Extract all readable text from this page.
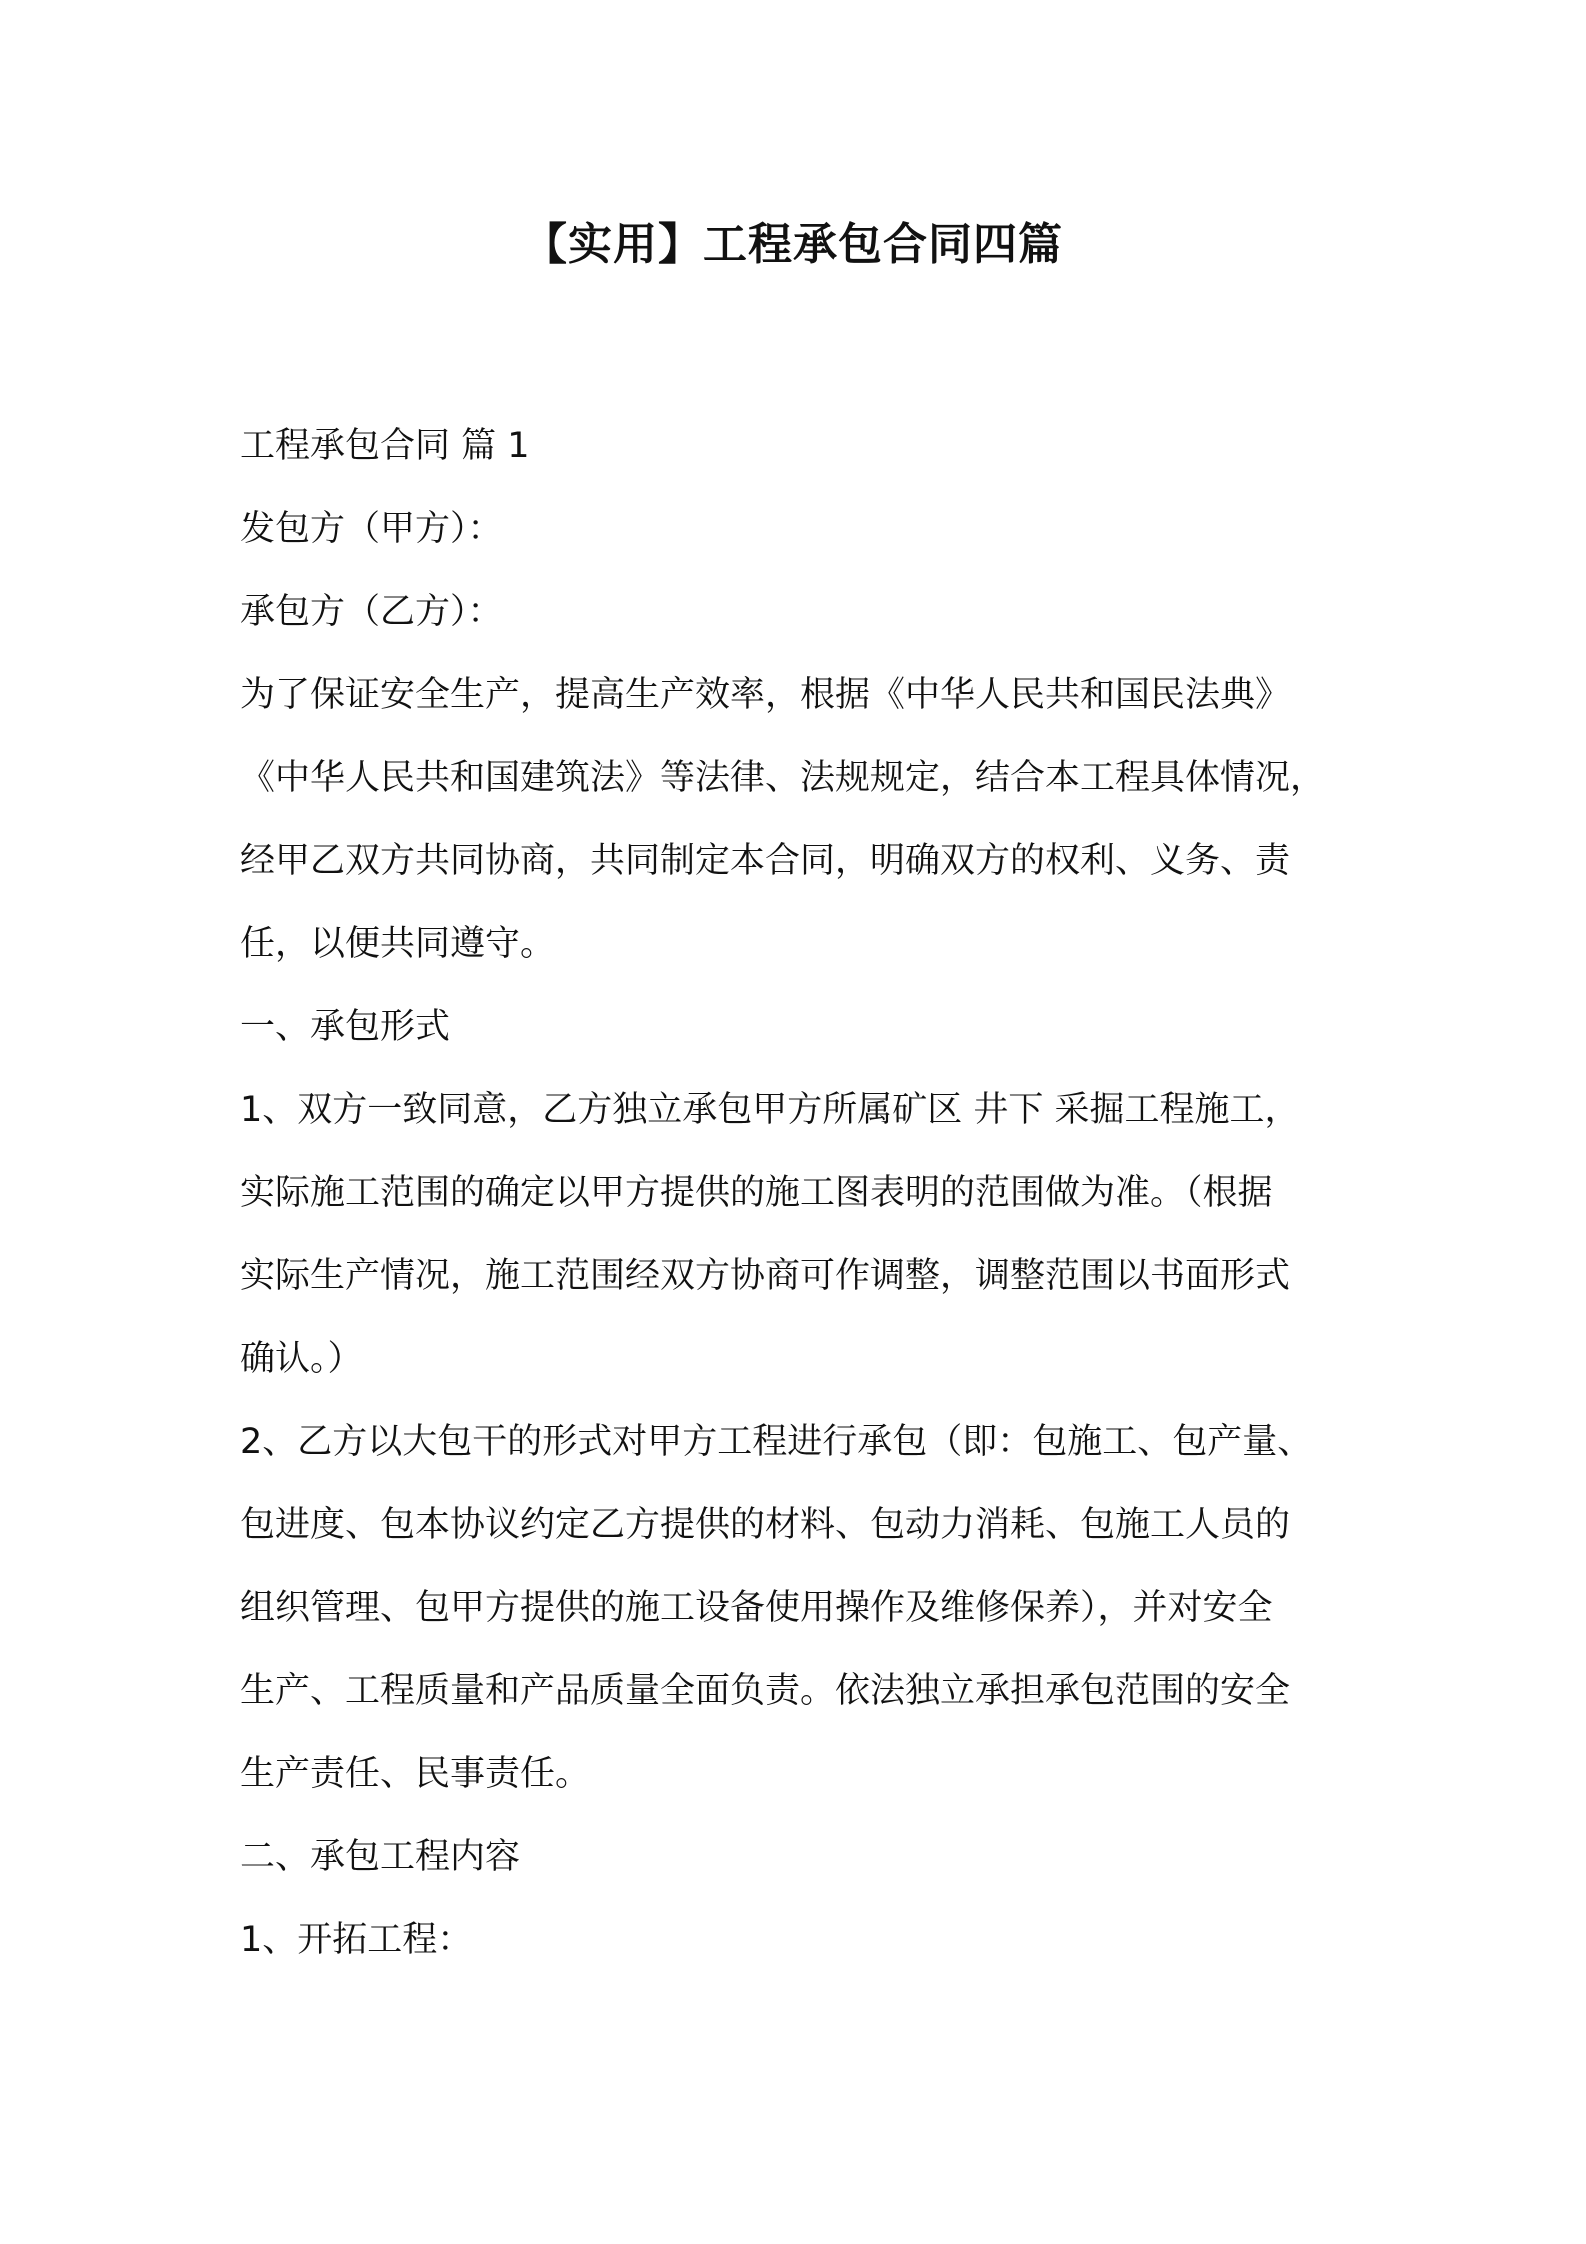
【实用】工程承包合同四篇
工程承包合同 篇 1
发包方（甲方）：
承包方（乙方）：
为了保证安全生产，提高生产效率，根据《中华人民共和国民法典》
《中华人民共和国建筑法》等法律、法规规定，结合本工程具体情况，
经甲乙双方共同协商，共同制定本合同，明确双方的权利、义务、责
任，以便共同遵守。
一、承包形式
1、双方一致同意，乙方独立承包甲方所属矿区 井下 采掘工程施工，
实际施工范围的确定以甲方提供的施工图表明的范围做为准。（根据
实际生产情况，施工范围经双方协商可作调整，调整范围以书面形式
确认。）
2、乙方以大包干的形式对甲方工程进行承包（即：包施工、包产量、
包进度、包本协议约定乙方提供的材料、包动力消耗、包施工人员的
组织管理、包甲方提供的施工设备使用操作及维修保养），并对安全
生产、工程质量和产品质量全面负责。依法独立承担承包范围的安全
生产责任、民事责任。
二、承包工程内容
1、开拓工程：
